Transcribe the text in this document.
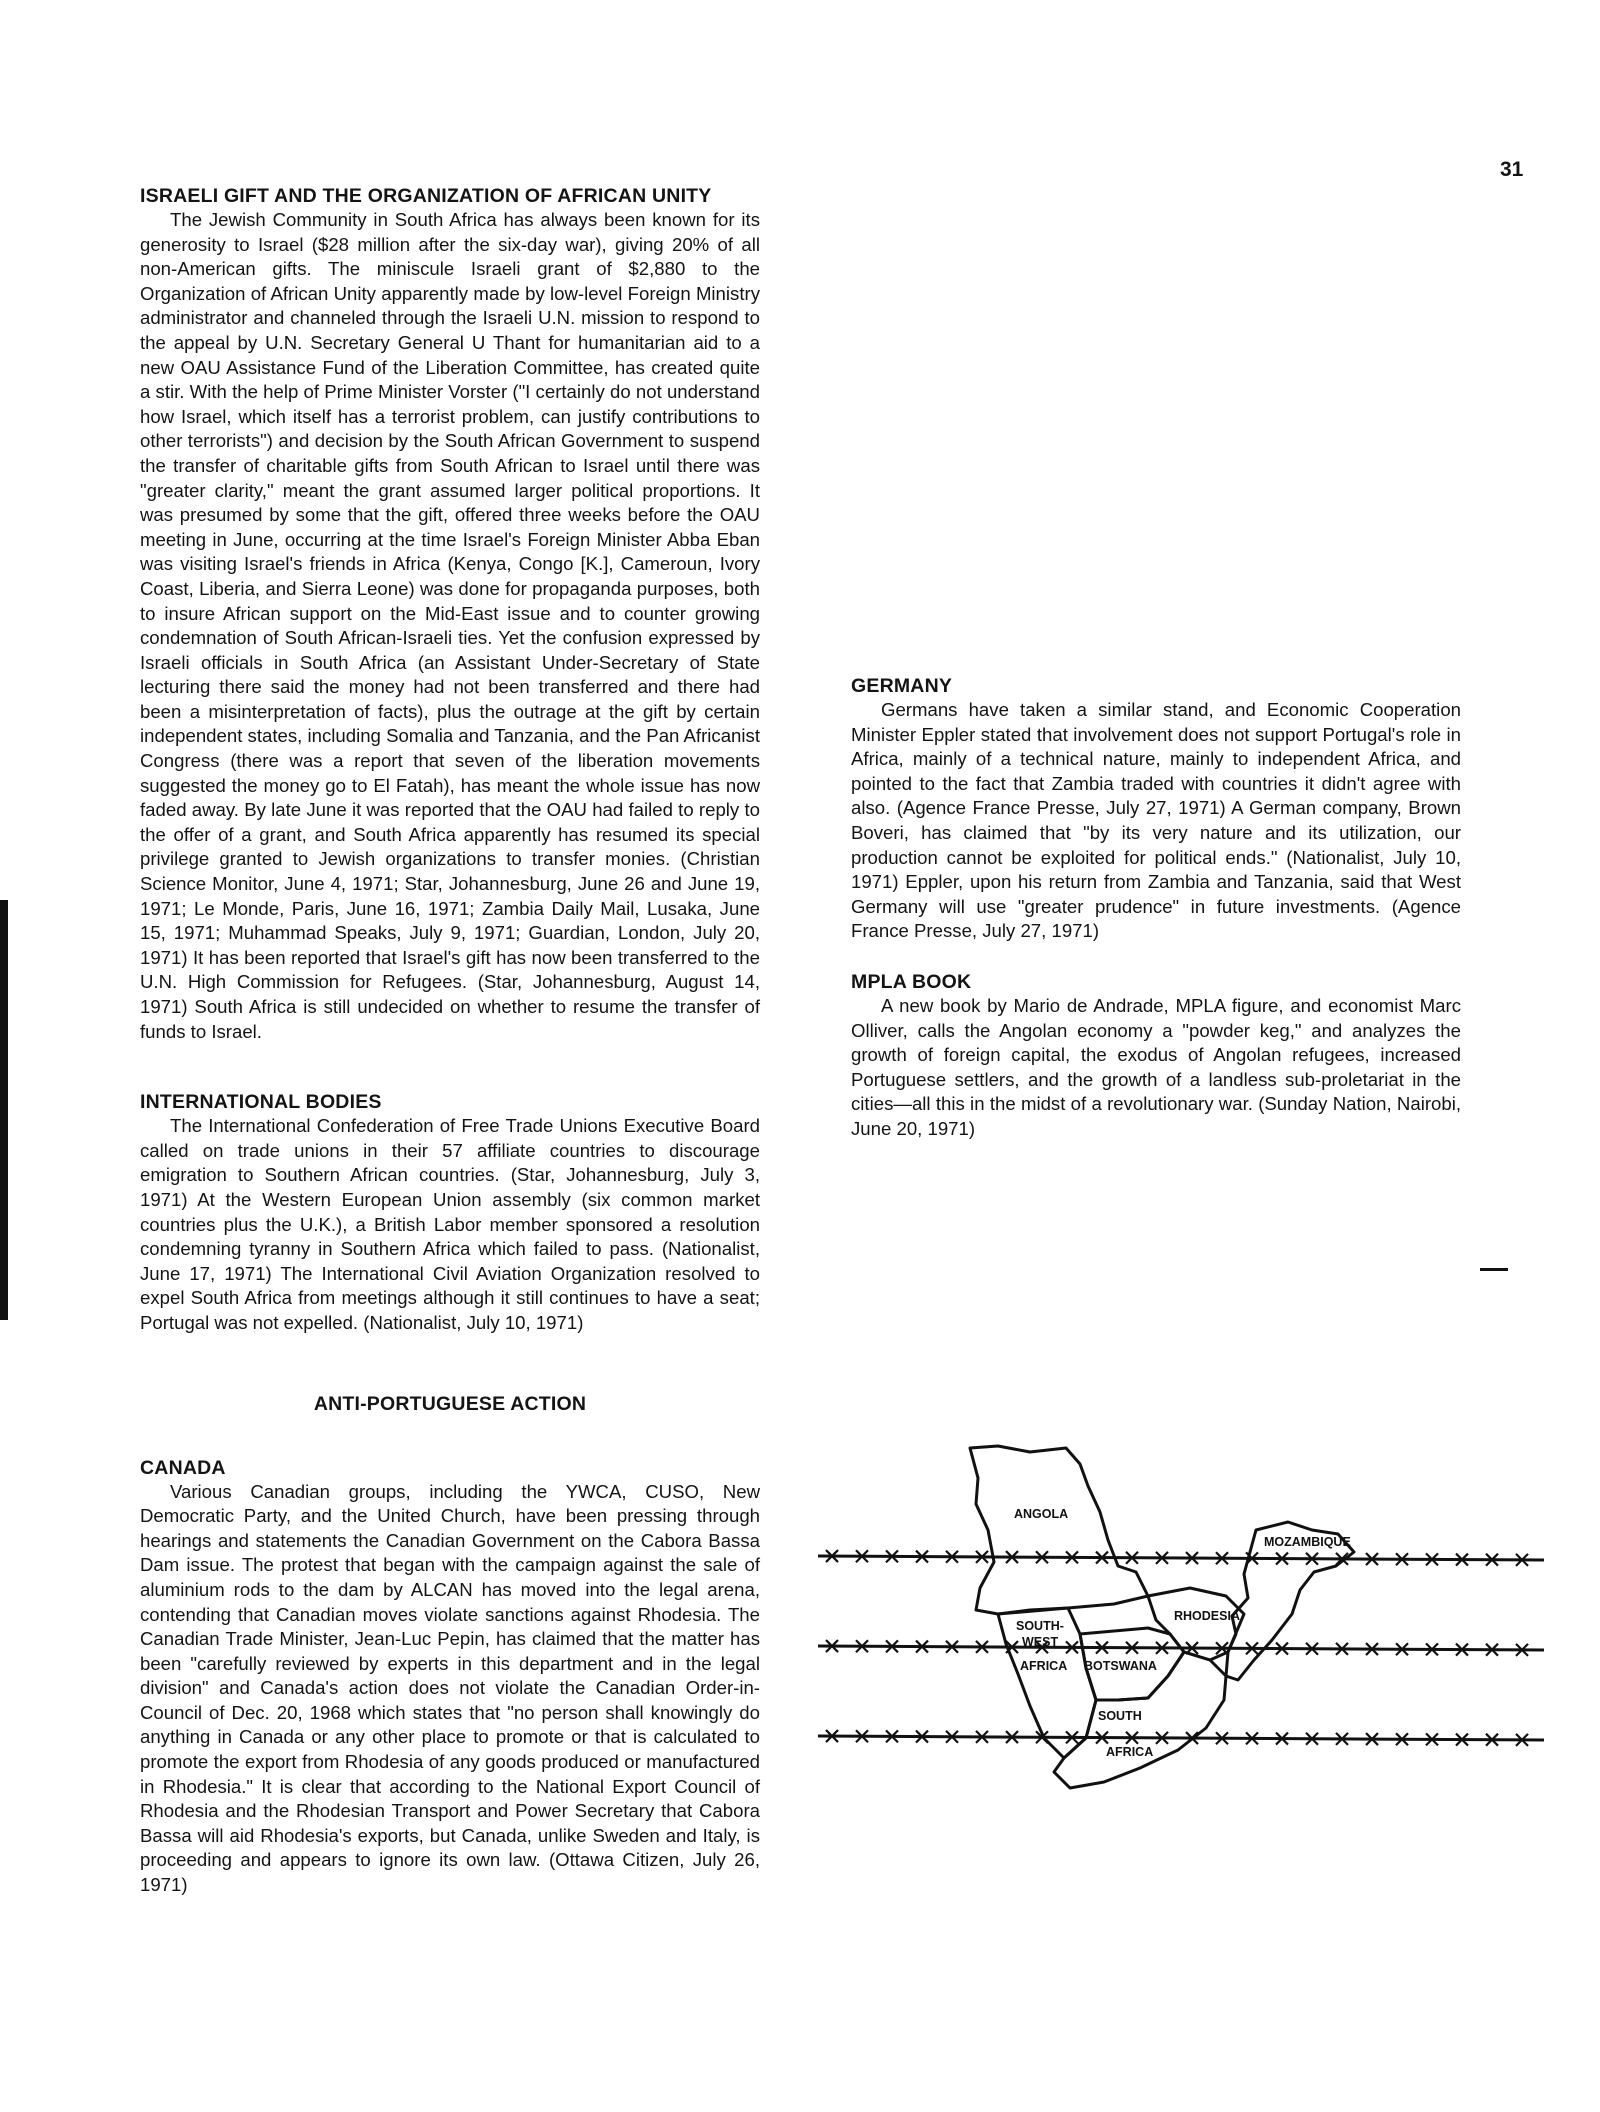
31
ISRAELI GIFT AND THE ORGANIZATION OF AFRICAN UNITY

The Jewish Community in South Africa has always been known for its generosity to Israel ($28 million after the six-day war), giving 20% of all non-American gifts. The miniscule Israeli grant of $2,880 to the Organization of African Unity apparently made by low-level Foreign Ministry administrator and channeled through the Israeli U.N. mission to respond to the appeal by U.N. Secretary General U Thant for humanitarian aid to a new OAU Assistance Fund of the Liberation Committee, has created quite a stir. With the help of Prime Minister Vorster ("I certainly do not understand how Israel, which itself has a terrorist problem, can justify contributions to other terrorists") and decision by the South African Government to suspend the transfer of charitable gifts from South African to Israel until there was "greater clarity," meant the grant assumed larger political proportions. It was presumed by some that the gift, offered three weeks before the OAU meeting in June, occurring at the time Israel's Foreign Minister Abba Eban was visiting Israel's friends in Africa (Kenya, Congo [K.], Cameroun, Ivory Coast, Liberia, and Sierra Leone) was done for propaganda purposes, both to insure African support on the Mid-East issue and to counter growing condemnation of South African-Israeli ties. Yet the confusion expressed by Israeli officials in South Africa (an Assistant Under-Secretary of State lecturing there said the money had not been transferred and there had been a misinterpretation of facts), plus the outrage at the gift by certain independent states, including Somalia and Tanzania, and the Pan Africanist Congress (there was a report that seven of the liberation movements suggested the money go to El Fatah), has meant the whole issue has now faded away. By late June it was reported that the OAU had failed to reply to the offer of a grant, and South Africa apparently has resumed its special privilege granted to Jewish organizations to transfer monies. (Christian Science Monitor, June 4, 1971; Star, Johannesburg, June 26 and June 19, 1971; Le Monde, Paris, June 16, 1971; Zambia Daily Mail, Lusaka, June 15, 1971; Muhammad Speaks, July 9, 1971; Guardian, London, July 20, 1971) It has been reported that Israel's gift has now been transferred to the U.N. High Commission for Refugees. (Star, Johannesburg, August 14, 1971) South Africa is still undecided on whether to resume the transfer of funds to Israel.

INTERNATIONAL BODIES

The International Confederation of Free Trade Unions Executive Board called on trade unions in their 57 affiliate countries to discourage emigration to Southern African countries. (Star, Johannesburg, July 3, 1971) At the Western European Union assembly (six common market countries plus the U.K.), a British Labor member sponsored a resolution condemning tyranny in Southern Africa which failed to pass. (Nationalist, June 17, 1971) The International Civil Aviation Organization resolved to expel South Africa from meetings although it still continues to have a seat; Portugal was not expelled. (Nationalist, July 10, 1971)

ANTI-PORTUGUESE ACTION
CANADA

Various Canadian groups, including the YWCA, CUSO, New Democratic Party, and the United Church, have been pressing through hearings and statements the Canadian Government on the Cabora Bassa Dam issue. The protest that began with the campaign against the sale of aluminium rods to the dam by ALCAN has moved into the legal arena, contending that Canadian moves violate sanctions against Rhodesia. The Canadian Trade Minister, Jean-Luc Pepin, has claimed that the matter has been "carefully reviewed by experts in this department and in the legal division" and Canada's action does not violate the Canadian Order-in-Council of Dec. 20, 1968 which states that "no person shall knowingly do anything in Canada or any other place to promote or that is calculated to promote the export from Rhodesia of any goods produced or manufactured in Rhodesia." It is clear that according to the National Export Council of Rhodesia and the Rhodesian Transport and Power Secretary that Cabora Bassa will aid Rhodesia's exports, but Canada, unlike Sweden and Italy, is proceeding and appears to ignore its own law. (Ottawa Citizen, July 26, 1971)

GERMANY

Germans have taken a similar stand, and Economic Cooperation Minister Eppler stated that involvement does not support Portugal's role in Africa, mainly of a technical nature, mainly to independent Africa, and pointed to the fact that Zambia traded with countries it didn't agree with also. (Agence France Presse, July 27, 1971) A German company, Brown Boveri, has claimed that "by its very nature and its utilization, our production cannot be exploited for political ends." (Nationalist, July 10, 1971) Eppler, upon his return from Zambia and Tanzania, said that West Germany will use "greater prudence" in future investments. (Agence France Presse, July 27, 1971)

MPLA BOOK

A new book by Mario de Andrade, MPLA figure, and economist Marc Olliver, calls the Angolan economy a "powder keg," and analyzes the growth of foreign capital, the exodus of Angolan refugees, increased Portuguese settlers, and the growth of a landless sub-proletariat in the cities—all this in the midst of a revolutionary war. (Sunday Nation, Nairobi, June 20, 1971)

ANGOLA
MOZAMBIQUE
RHODESIA
SOUTH-
WEST
AFRICA BOTSWANA
SOUTH
AFRICA
